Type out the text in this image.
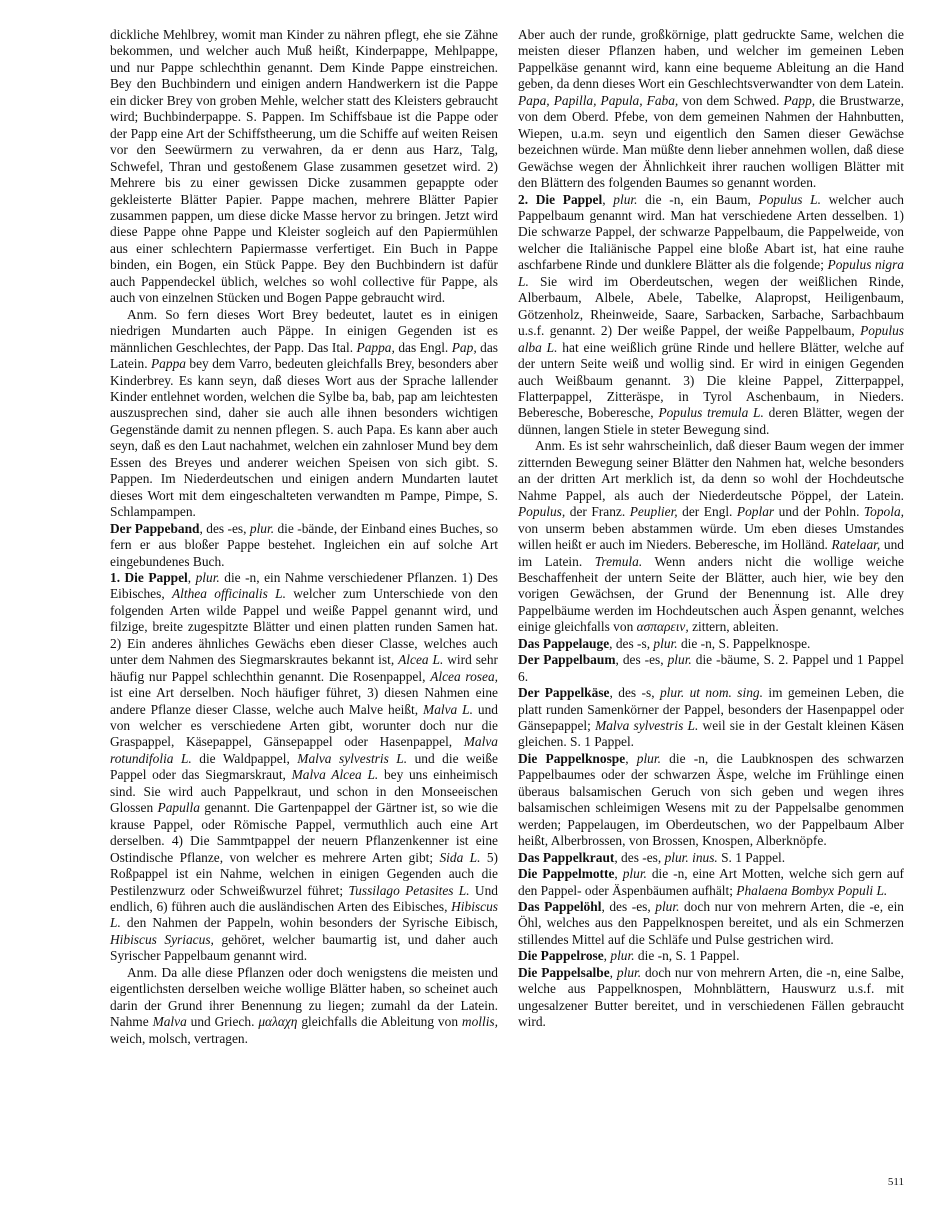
dickliche Mehlbrey, womit man Kinder zu nähren pflegt, ehe sie Zähne bekommen, und welcher auch Muß heißt, Kinderpappe, Mehlpappe, und nur Pappe schlechthin genannt. Dem Kinde Pappe einstreichen. Bey den Buchbindern und einigen andern Handwerkern ist die Pappe ein dicker Brey von groben Mehle, welcher statt des Kleisters gebraucht wird; Buchbinderpappe. S. Pappen. Im Schiffsbaue ist die Pappe oder der Papp eine Art der Schiffstheerung, um die Schiffe auf weiten Reisen vor den Seewürmern zu verwahren, da er denn aus Harz, Talg, Schwefel, Thran und gestoßenem Glase zusammen gesetzet wird. 2) Mehrere bis zu einer gewissen Dicke zusammen gepappte oder gekleisterte Blätter Papier. Pappe machen, mehrere Blätter Papier zusammen pappen, um diese dicke Masse hervor zu bringen. Jetzt wird diese Pappe ohne Pappe und Kleister sogleich auf den Papiermühlen aus einer schlechtern Papiermasse verfertiget. Ein Buch in Pappe binden, ein Bogen, ein Stück Pappe. Bey den Buchbindern ist dafür auch Pappendeckel üblich, welches so wohl collective für Pappe, als auch von einzelnen Stücken und Bogen Pappe gebraucht wird.

Anm. So fern dieses Wort Brey bedeutet, lautet es in einigen niedrigen Mundarten auch Päppe. In einigen Gegenden ist es männlichen Geschlechtes, der Papp. Das Ital. Pappa, das Engl. Pap, das Latein. Pappa bey dem Varro, bedeuten gleichfalls Brey, besonders aber Kinderbrey. Es kann seyn, daß dieses Wort aus der Sprache lallender Kinder entlehnet worden, welchen die Sylbe ba, bab, pap am leichtesten auszusprechen sind, daher sie auch alle ihnen besonders wichtigen Gegenstände damit zu nennen pflegen. S. auch Papa. Es kann aber auch seyn, daß es den Laut nachahmet, welchen ein zahnloser Mund bey dem Essen des Breyes und anderer weichen Speisen von sich gibt. S. Pappen. Im Niederdeutschen und einigen andern Mundarten lautet dieses Wort mit dem eingeschalteten verwandten m Pampe, Pimpe, S. Schlampampen.

Der Pappeband, des -es, plur. die -bände, der Einband eines Buches, so fern er aus bloßer Pappe bestehet. Ingleichen ein auf solche Art eingebundenes Buch.

1. Die Pappel, plur. die -n, ein Nahme verschiedener Pflanzen. 1) Des Eibisches, Althea officinalis L. welcher zum Unterschiede von den folgenden Arten wilde Pappel und weiße Pappel genannt wird, und filzige, breite zugespitzte Blätter und einen platten runden Samen hat. 2) Ein anderes ähnliches Gewächs eben dieser Classe, welches auch unter dem Nahmen des Siegmarskrautes bekannt ist, Alcea L. wird sehr häufig nur Pappel schlechthin genannt. Die Rosenpappel, Alcea rosea, ist eine Art derselben. Noch häufiger führet, 3) diesen Nahmen eine andere Pflanze dieser Classe, welche auch Malve heißt, Malva L. und von welcher es verschiedene Arten gibt, worunter doch nur die Graspappel, Käsepappel, Gänsepappel oder Hasenpappel, Malva rotundifolia L. die Waldpappel, Malva sylvestris L. und die weiße Pappel oder das Siegmarskraut, Malva Alcea L. bey uns einheimisch sind. Sie wird auch Pappelkraut, und schon in den Monseeischen Glossen Papulla genannt. Die Gartenpappel der Gärtner ist, so wie die krause Pappel, oder Römische Pappel, vermuthlich auch eine Art derselben. 4) Die Sammtpappel der neuern Pflanzenkenner ist eine Ostindische Pflanze, von welcher es mehrere Arten gibt; Sida L. 5) Roßpappel ist ein Nahme, welchen in einigen Gegenden auch die Pestilenzwurz oder Schweißwurzel führet; Tussilago Petasites L. Und endlich, 6) führen auch die ausländischen Arten des Eibisches, Hibiscus L. den Nahmen der Pappeln, wohin besonders der Syrische Eibisch, Hibiscus Syriacus, gehöret, welcher baumartig ist, und daher auch Syrischer Pappelbaum genannt wird.

Anm. Da alle diese Pflanzen oder doch wenigstens die meisten und eigentlichsten derselben weiche wollige Blätter haben, so scheinet auch darin der Grund ihrer Benennung zu liegen; zumahl da der Latein. Nahme Malva und Griech. μαλαχη gleichfalls die Ableitung von mollis, weich, molsch, vertragen.

Aber auch der runde, großkörnige, platt gedruckte Same, welchen die meisten dieser Pflanzen haben, und welcher im gemeinen Leben Pappelkäse genannt wird, kann eine bequeme Ableitung an die Hand geben, da denn dieses Wort ein Geschlechtsverwandter von dem Latein. Papa, Papilla, Papula, Faba, von dem Schwed. Papp, die Brustwarze, von dem Oberd. Pfebe, von dem gemeinen Nahmen der Hahnbutten, Wiepen, u.a.m. seyn und eigentlich den Samen dieser Gewächse bezeichnen würde. Man müßte denn lieber annehmen wollen, daß diese Gewächse wegen der Ähnlichkeit ihrer rauchen wolligen Blätter mit den Blättern des folgenden Baumes so genannt worden.

2. Die Pappel, plur. die -n, ein Baum, Populus L. welcher auch Pappelbaum genannt wird. Man hat verschiedene Arten desselben. 1) Die schwarze Pappel, der schwarze Pappelbaum, die Pappelweide, von welcher die Italiänische Pappel eine bloße Abart ist, hat eine rauhe aschfarbene Rinde und dunklere Blätter als die folgende; Populus nigra L. Sie wird im Oberdeutschen, wegen der weißlichen Rinde, Alberbaum, Albele, Abele, Tabelke, Alapropst, Heiligenbaum, Götzenholz, Rheinweide, Saare, Sarbacken, Sarbache, Sarbachbaum u.s.f. genannt. 2) Der weiße Pappel, der weiße Pappelbaum, Populus alba L. hat eine weißlich grüne Rinde und hellere Blätter, welche auf der untern Seite weiß und wollig sind. Er wird in einigen Gegenden auch Weißbaum genannt. 3) Die kleine Pappel, Zitterpappel, Flatterpappel, Zitteräspe, in Tyrol Aschenbaum, in Nieders. Beberesche, Boberesche, Populus tremula L. deren Blätter, wegen der dünnen, langen Stiele in steter Bewegung sind.

Anm. Es ist sehr wahrscheinlich, daß dieser Baum wegen der immer zitternden Bewegung seiner Blätter den Nahmen hat, welche besonders an der dritten Art merklich ist, da denn so wohl der Hochdeutsche Nahme Pappel, als auch der Niederdeutsche Pöppel, der Latein. Populus, der Franz. Peuplier, der Engl. Poplar und der Pohln. Topola, von unserm beben abstammen würde. Um eben dieses Umstandes willen heißt er auch im Nieders. Beberesche, im Holländ. Ratelaar, und im Latein. Tremula. Wenn anders nicht die wollige weiche Beschaffenheit der untern Seite der Blätter, auch hier, wie bey den vorigen Gewächsen, der Grund der Benennung ist. Alle drey Pappelbäume werden im Hochdeutschen auch Äspen genannt, welches einige gleichfalls von ασπαρειν, zittern, ableiten.

Das Pappelauge, des -s, plur. die -n, S. Pappelknospe.

Der Pappelbaum, des -es, plur. die -bäume, S. 2. Pappel und 1 Pappel 6.

Der Pappelkäse, des -s, plur. ut nom. sing. im gemeinen Leben, die platt runden Samenkörner der Pappel, besonders der Hasenpappel oder Gänsepappel; Malva sylvestris L. weil sie in der Gestalt kleinen Käsen gleichen. S. 1 Pappel.

Die Pappelknospe, plur. die -n, die Laubknospen des schwarzen Pappelbaumes oder der schwarzen Äspe, welche im Frühlinge einen überaus balsamischen Geruch von sich geben und wegen ihres balsamischen schleimigen Wesens mit zu der Pappelsalbe genommen werden; Pappelaugen, im Oberdeutschen, wo der Pappelbaum Alber heißt, Alberbrossen, von Brossen, Knospen, Alberknöpfe.

Das Pappelkraut, des -es, plur. inus. S. 1 Pappel.

Die Pappelmotte, plur. die -n, eine Art Motten, welche sich gern auf den Pappel- oder Äspenbäumen aufhält; Phalaena Bombyx Populi L.

Das Pappelöhl, des -es, plur. doch nur von mehrern Arten, die -e, ein Öhl, welches aus den Pappelknospen bereitet, und als ein Schmerzen stillendes Mittel auf die Schläfe und Pulse gestrichen wird.

Die Pappelrose, plur. die -n, S. 1 Pappel.

Die Pappelsalbe, plur. doch nur von mehrern Arten, die -n, eine Salbe, welche aus Pappelknospen, Mohnblättern, Hauswurz u.s.f. mit ungesalzener Butter bereitet, und in verschiedenen Fällen gebraucht wird.

511
